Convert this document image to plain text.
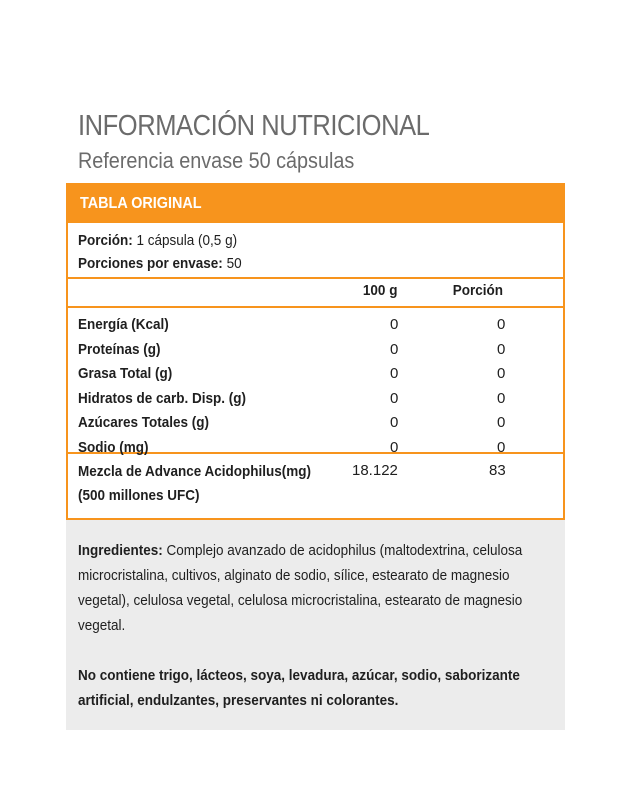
INFORMACIÓN NUTRICIONAL
Referencia envase 50 cápsulas
TABLA ORIGINAL
Porción: 1 cápsula (0,5 g)
Porciones por envase: 50
100 g	Porción
Energía (Kcal)	0	0
Proteínas (g)	0	0
Grasa Total (g)	0	0
Hidratos de carb. Disp. (g)	0	0
Azúcares Totales (g)	0	0
Sodio (mg)	0	0
Mezcla de Advance Acidophilus(mg)
(500 millones UFC)
18.122	83
Ingredientes: Complejo avanzado de acidophilus (maltodextrina, celulosa microcristalina, cultivos, alginato de sodio, sílice, estearato de magnesio vegetal), celulosa vegetal, celulosa microcristalina, estearato de magnesio vegetal.
No contiene trigo, lácteos, soya, levadura, azúcar, sodio, saborizante artificial, endulzantes, preservantes ni colorantes.
